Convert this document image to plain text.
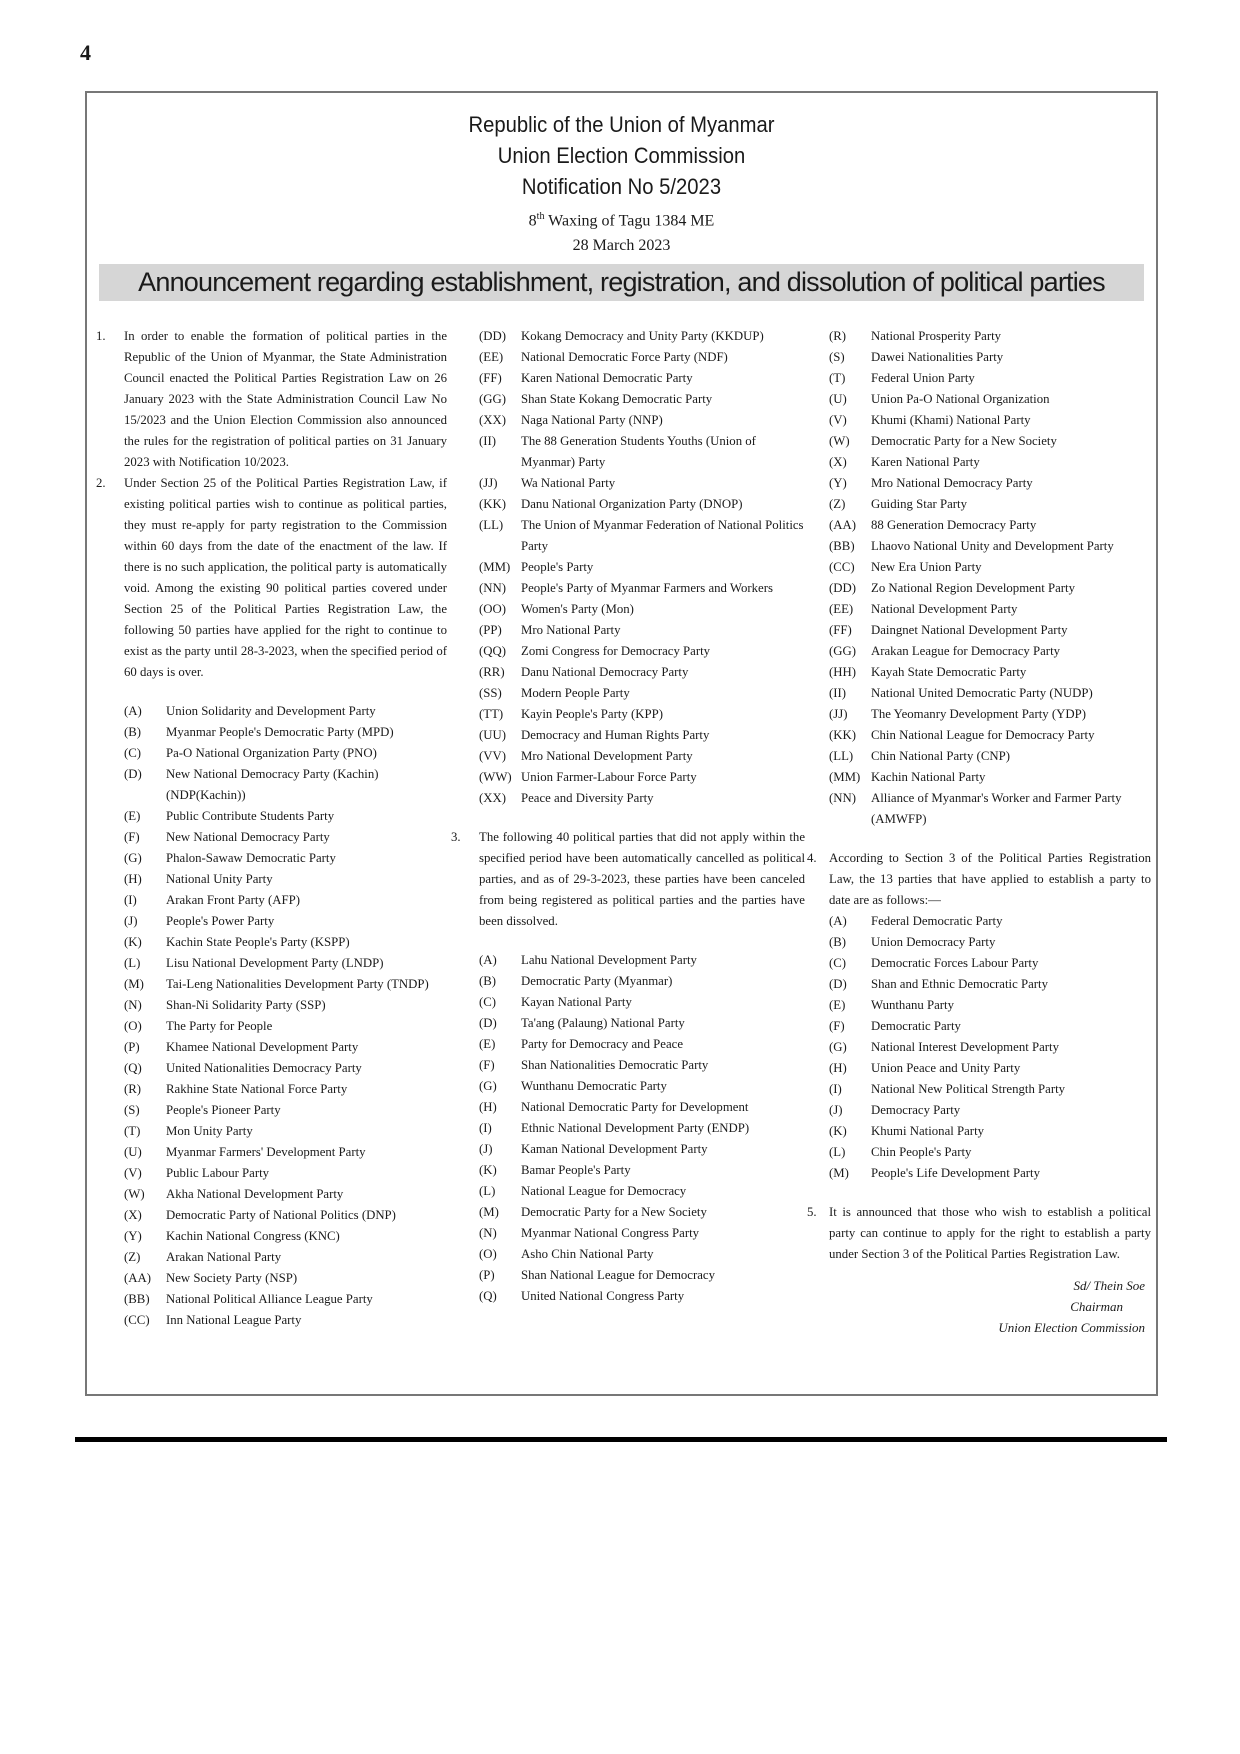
4
Republic of the Union of Myanmar
Union Election Commission
Notification No 5/2023
8th Waxing of Tagu 1384 ME
28 March 2023
Announcement regarding establishment, registration, and dissolution of political parties
1.	In order to enable the formation of political parties in the Republic of the Union of Myanmar, the State Administration Council enacted the Political Parties Registration Law on 26 January 2023 with the State Administration Council Law No 15/2023 and the Union Election Commission also announced the rules for the registration of political parties on 31 January 2023 with Notification 10/2023.
2.	Under Section 25 of the Political Parties Registration Law, if existing political parties wish to continue as political parties, they must re-apply for party registration to the Commission within 60 days from the date of the enactment of the law. If there is no such application, the political party is automatically void. Among the existing 90 political parties covered under Section 25 of the Political Parties Registration Law, the following 50 parties have applied for the right to continue to exist as the party until 28-3-2023, when the specified period of 60 days is over.
(A)	Union Solidarity and Development Party
(B)	Myanmar People's Democratic Party (MPD)
(C)	Pa-O National Organization Party (PNO)
(D)	New National Democracy Party (Kachin) (NDP(Kachin))
(E)	Public Contribute Students Party
(F)	New National Democracy Party
(G)	Phalon-Sawaw Democratic Party
(H)	National Unity Party
(I)	Arakan Front Party (AFP)
(J)	People's Power Party
(K)	Kachin State People's Party (KSPP)
(L)	Lisu National Development Party (LNDP)
(M)	Tai-Leng Nationalities Development Party (TNDP)
(N)	Shan-Ni Solidarity Party (SSP)
(O)	The Party for People
(P)	Khamee National Development Party
(Q)	United Nationalities Democracy Party
(R)	Rakhine State National Force Party
(S)	People's Pioneer Party
(T)	Mon Unity Party
(U)	Myanmar Farmers' Development Party
(V)	Public Labour Party
(W)	Akha National Development Party
(X)	Democratic Party of National Politics (DNP)
(Y)	Kachin National Congress (KNC)
(Z)	Arakan National Party
(AA)	New Society Party (NSP)
(BB)	National Political Alliance League Party
(CC)	Inn National League Party
(DD)	Kokang Democracy and Unity Party (KKDUP)
(EE)	National Democratic Force Party (NDF)
(FF)	Karen National Democratic Party
(GG)	Shan State Kokang Democratic Party
(XX)	Naga National Party (NNP)
(II)	The 88 Generation Students Youths (Union of Myanmar) Party
(JJ)	Wa National Party
(KK)	Danu National Organization Party (DNOP)
(LL)	The Union of Myanmar Federation of National Politics Party
(MM) People's Party
(NN)	People's Party of Myanmar Farmers and Workers
(OO)	Women's Party (Mon)
(PP)	Mro National Party
(QQ)	Zomi Congress for Democracy Party
(RR)	Danu National Democracy Party
(SS)	Modern People Party
(TT)	Kayin People's Party (KPP)
(UU)	Democracy and Human Rights Party
(VV)	Mro National Development Party
(WW) Union Farmer-Labour Force Party
(XX)	Peace and Diversity Party
3.	The following 40 political parties that did not apply within the specified period have been automatically cancelled as political parties, and as of 29-3-2023, these parties have been canceled from being registered as political parties and the parties have been dissolved.
(A)	Lahu National Development Party
(B)	Democratic Party (Myanmar)
(C)	Kayan National Party
(D)	Ta'ang (Palaung) National Party
(E)	Party for Democracy and Peace
(F)	Shan Nationalities Democratic Party
(G)	Wunthanu Democratic Party
(H)	National Democratic Party for Development
(I)	Ethnic National Development Party (ENDP)
(J)	Kaman National Development Party
(K)	Bamar People's Party
(L)	National League for Democracy
(M)	Democratic Party for a New Society
(N)	Myanmar National Congress Party
(O)	Asho Chin National Party
(P)	Shan National League for Democracy
(Q)	United National Congress Party
(R)	National Prosperity Party
(S)	Dawei Nationalities Party
(T)	Federal Union Party
(U)	Union Pa-O National Organization
(V)	Khumi (Khami) National Party
(W)	Democratic Party for a New Society
(X)	Karen National Party
(Y)	Mro National Democracy Party
(Z)	Guiding Star Party
(AA)	88 Generation Democracy Party
(BB)	Lhaovo National Unity and Development Party
(CC)	New Era Union Party
(DD)	Zo National Region Development Party
(EE)	National Development Party
(FF)	Daingnet National Development Party
(GG)	Arakan League for Democracy Party
(HH)	Kayah State Democratic Party
(II)	National United Democratic Party (NUDP)
(JJ)	The Yeomanry Development Party (YDP)
(KK)	Chin National League for Democracy Party
(LL)	Chin National Party (CNP)
(MM) Kachin National Party
(NN)	Alliance of Myanmar's Worker and Farmer Party (AMWFP)
4. According to Section 3 of the Political Parties Registration Law, the 13 parties that have applied to establish a party to date are as follows:—
(A)	Federal Democratic Party
(B)	Union Democracy Party
(C)	Democratic Forces Labour Party
(D)	Shan and Ethnic Democratic Party
(E)	Wunthanu Party
(F)	Democratic Party
(G)	National Interest Development Party
(H)	Union Peace and Unity Party
(I)	National New Political Strength Party
(J)	Democracy Party
(K)	Khumi National Party
(L)	Chin People's Party
(M)	People's Life Development Party
5. It is announced that those who wish to establish a political party can continue to apply for the right to establish a party under Section 3 of the Political Parties Registration Law.
Sd/ Thein Soe
Chairman
Union Election Commission
